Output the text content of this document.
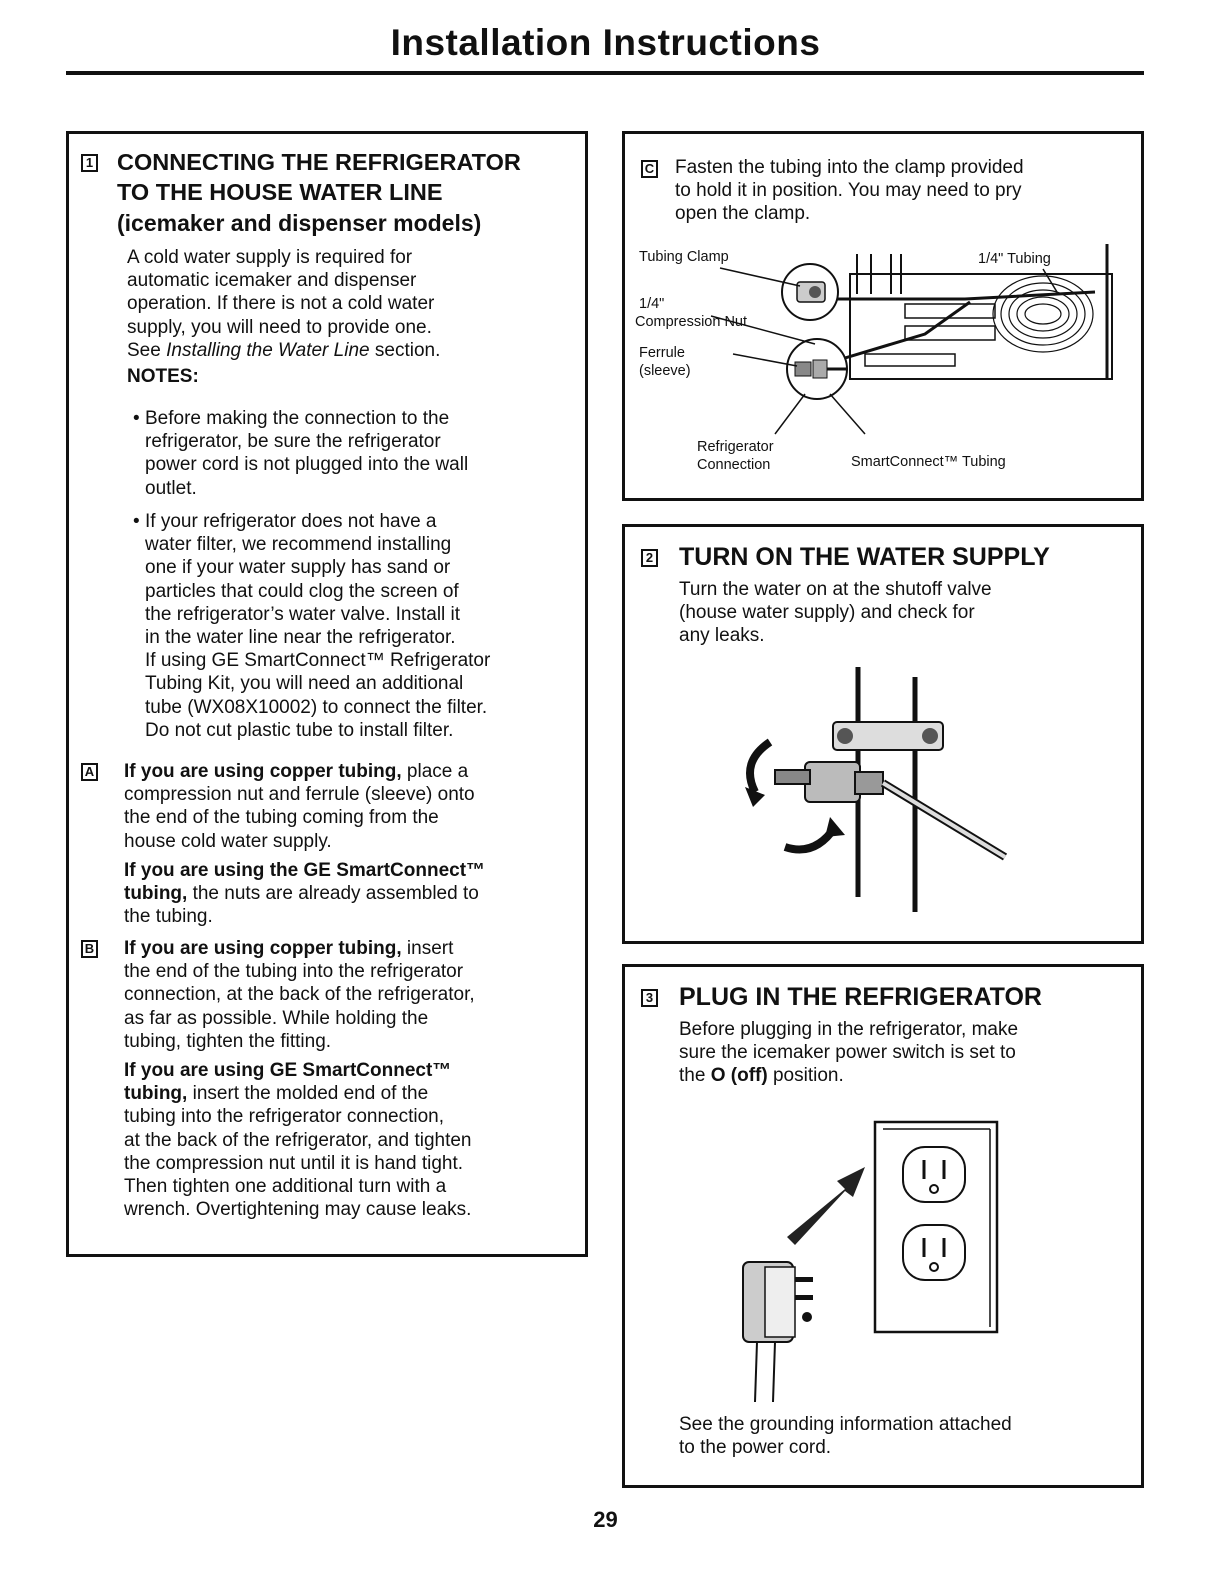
Installation Instructions
1 CONNECTING THE REFRIGERATOR
TO THE HOUSE WATER LINE
(icemaker and dispenser models)

A cold water supply is required for

automatic icemaker and dispenser

operation. If there is not a cold water

supply, you will need to provide one.

See Installing the Water Line section.

NOTES:
• Before making the connection to the

refrigerator, be sure the refrigerator

power cord is not plugged into the wall

outlet.

• If your refrigerator does not have a

water filter, we recommend installing

one if your water supply has sand or

particles that could clog the screen of

the refrigerator’s water valve. Install it

in the water line near the refrigerator.

If using GE SmartConnect™ Refrigerator

Tubing Kit, you will need an additional

tube (WX08X10002) to connect the filter.

Do not cut plastic tube to install filter.

A If you are using copper tubing, place a

compression nut and ferrule (sleeve) onto

the end of the tubing coming from the

house cold water supply.

If you are using the GE SmartConnect™

tubing, the nuts are already assembled to

the tubing.

B If you are using copper tubing, insert

the end of the tubing into the refrigerator

connection, at the back of the refrigerator,

as far as possible. While holding the

tubing, tighten the fitting.

If you are using GE SmartConnect™

tubing, insert the molded end of the

tubing into the refrigerator connection,

at the back of the refrigerator, and tighten

the compression nut until it is hand tight.

Then tighten one additional turn with a

wrench. Overtightening may cause leaks.

C Fasten the tubing into the clamp provided

to hold it in position. You may need to pry

open the clamp.

Tubing Clamp	1/4" Tubing
1/4"
Compression Nut
Ferrule
(sleeve)
Refrigerator
Connection	SmartConnect™ Tubing
2 TURN ON THE WATER SUPPLY

Turn the water on at the shutoff valve

(house water supply) and check for

any leaks.

3 PLUG IN THE REFRIGERATOR

Before plugging in the refrigerator, make

sure the icemaker power switch is set to

the O (off) position.

See the grounding information attached

to the power cord.

29
